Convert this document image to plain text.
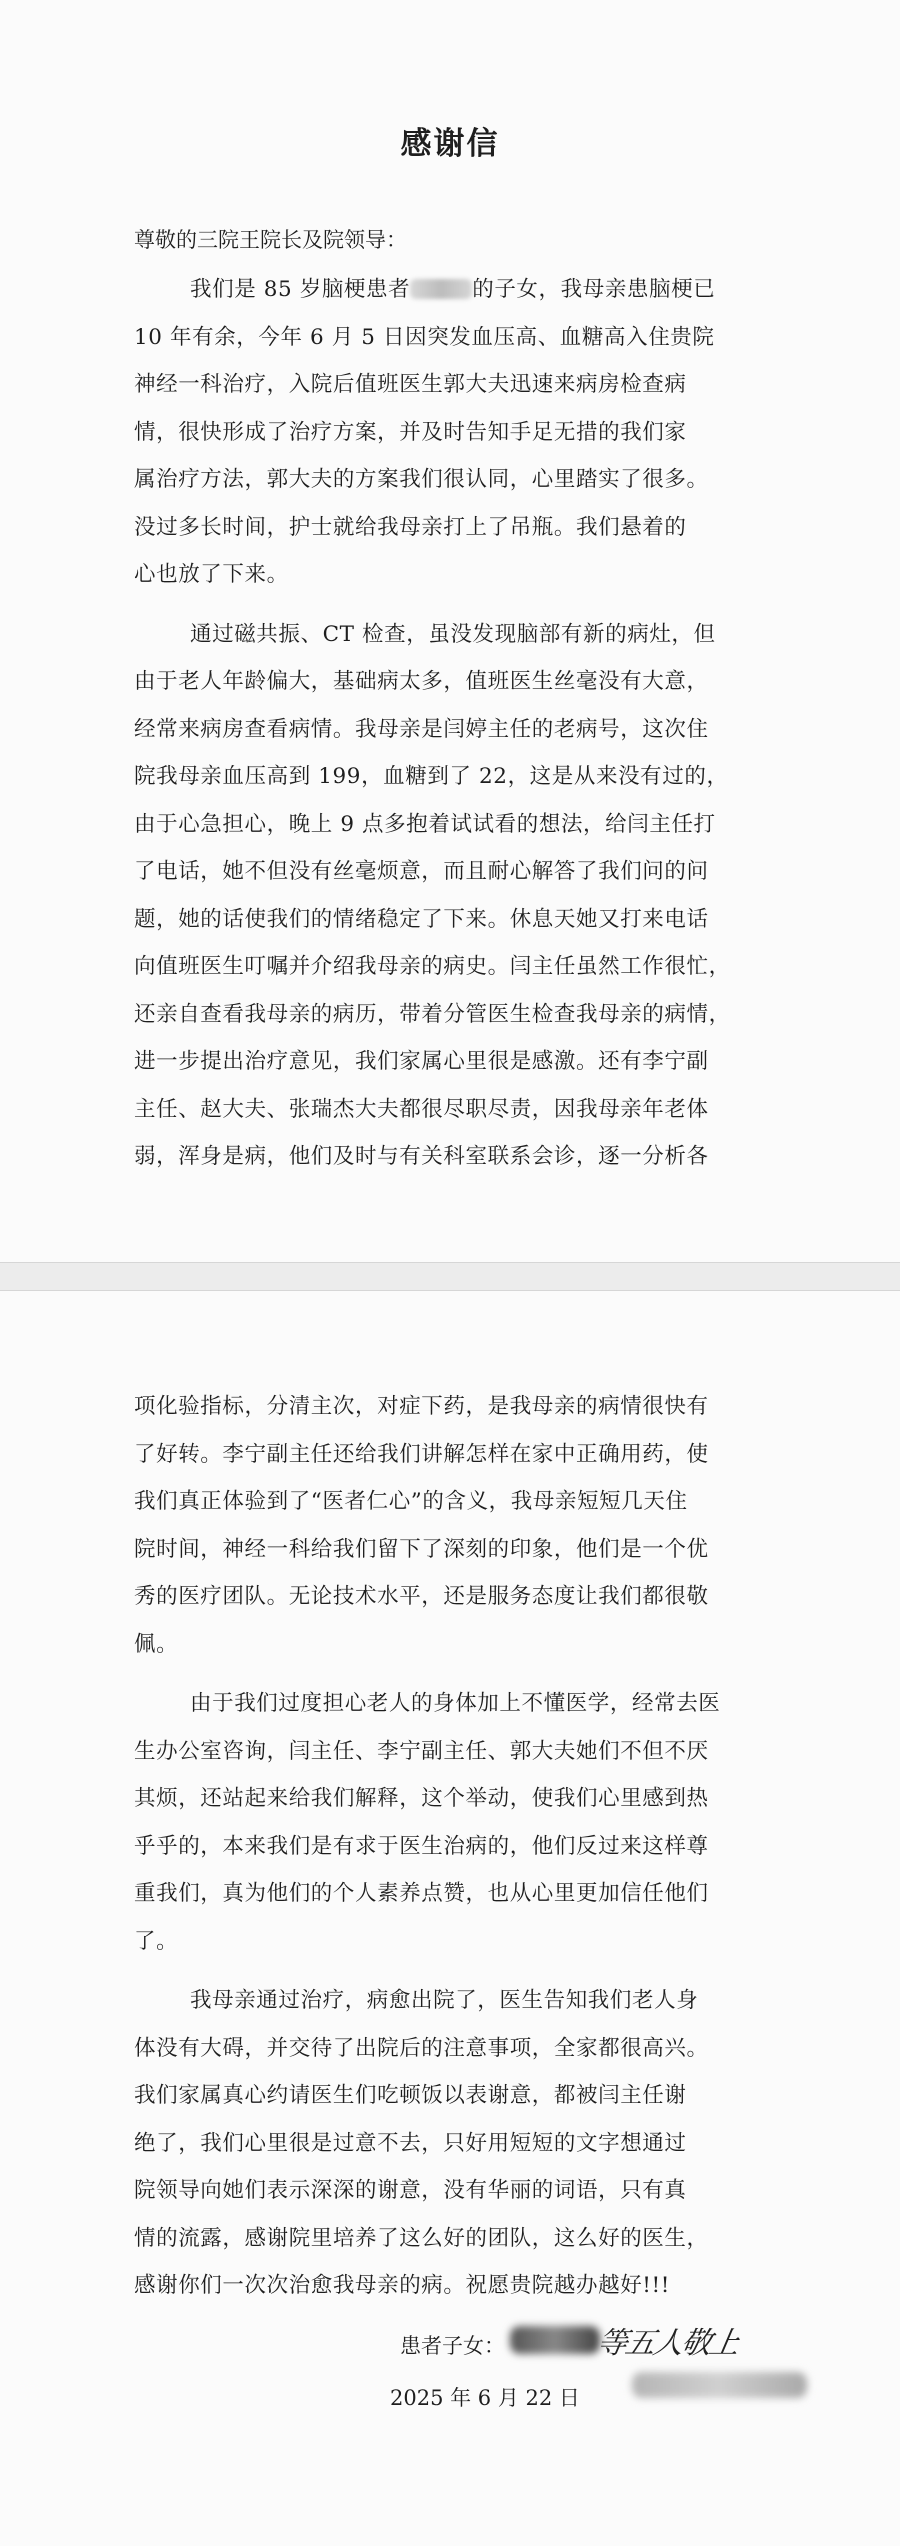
感谢信
尊敬的三院王院长及院领导：
我们是 85 岁脑梗患者	的子女，我母亲患脑梗已
10 年有余，今年 6 月 5 日因突发血压高、血糖高入住贵院
神经一科治疗，入院后值班医生郭大夫迅速来病房检查病
情，很快形成了治疗方案，并及时告知手足无措的我们家
属治疗方法，郭大夫的方案我们很认同，心里踏实了很多。
没过多长时间，护士就给我母亲打上了吊瓶。我们悬着的
心也放了下来。
通过磁共振、CT 检查，虽没发现脑部有新的病灶，但
由于老人年龄偏大，基础病太多，值班医生丝毫没有大意，
经常来病房查看病情。我母亲是闫婷主任的老病号，这次住
院我母亲血压高到 199，血糖到了 22，这是从来没有过的，
由于心急担心，晚上 9 点多抱着试试看的想法，给闫主任打
了电话，她不但没有丝毫烦意，而且耐心解答了我们问的问
题，她的话使我们的情绪稳定了下来。休息天她又打来电话
向值班医生叮嘱并介绍我母亲的病史。闫主任虽然工作很忙，
还亲自查看我母亲的病历，带着分管医生检查我母亲的病情，
进一步提出治疗意见，我们家属心里很是感激。还有李宁副
主任、赵大夫、张瑞杰大夫都很尽职尽责，因我母亲年老体
弱，浑身是病，他们及时与有关科室联系会诊，逐一分析各
项化验指标，分清主次，对症下药，是我母亲的病情很快有
了好转。李宁副主任还给我们讲解怎样在家中正确用药，使
我们真正体验到了“医者仁心”的含义，我母亲短短几天住
院时间，神经一科给我们留下了深刻的印象，他们是一个优
秀的医疗团队。无论技术水平，还是服务态度让我们都很敬
佩。
由于我们过度担心老人的身体加上不懂医学，经常去医
生办公室咨询，闫主任、李宁副主任、郭大夫她们不但不厌
其烦，还站起来给我们解释，这个举动，使我们心里感到热
乎乎的，本来我们是有求于医生治病的，他们反过来这样尊
重我们，真为他们的个人素养点赞，也从心里更加信任他们
了。
我母亲通过治疗，病愈出院了，医生告知我们老人身
体没有大碍，并交待了出院后的注意事项，全家都很高兴。
我们家属真心约请医生们吃顿饭以表谢意，都被闫主任谢
绝了，我们心里很是过意不去，只好用短短的文字想通过
院领导向她们表示深深的谢意，没有华丽的词语，只有真
情的流露，感谢院里培养了这么好的团队，这么好的医生，
感谢你们一次次治愈我母亲的病。祝愿贵院越办越好!!!
患者子女：	等五人敬上
2025 年 6 月 22 日
